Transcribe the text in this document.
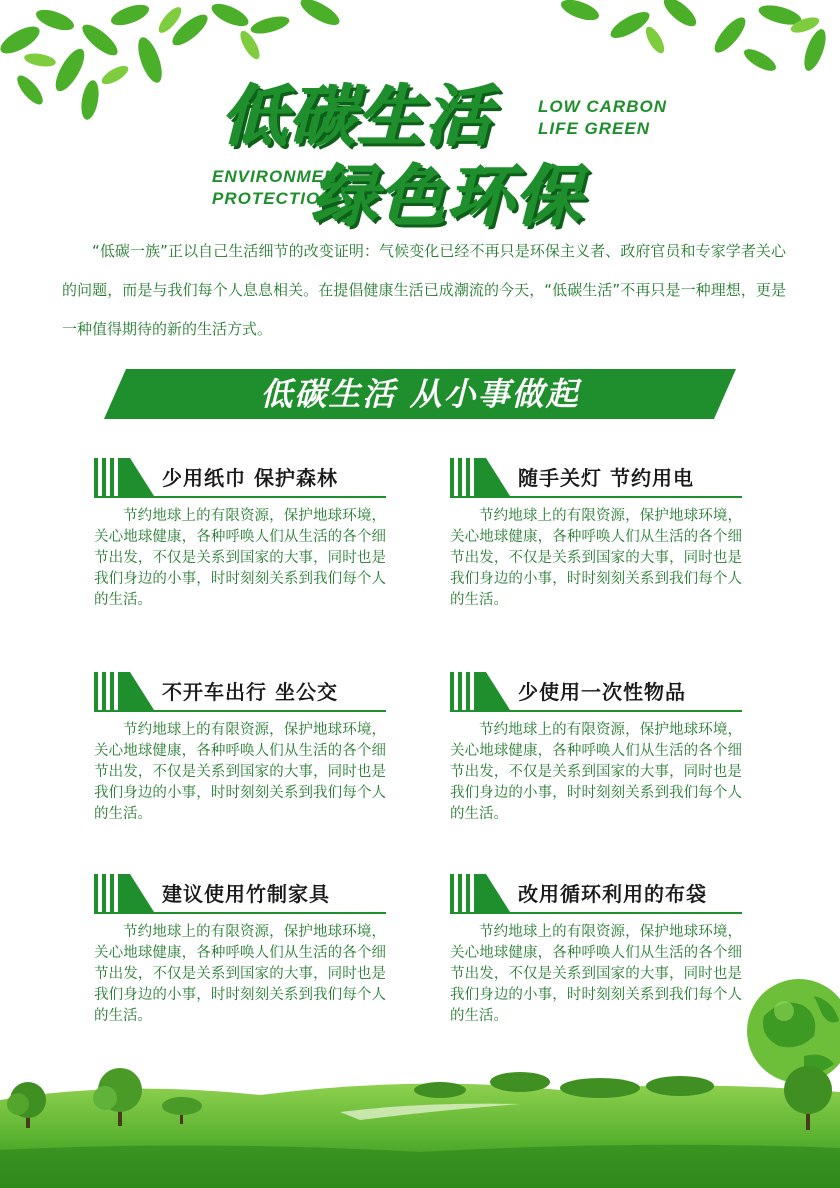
低碳生活
绿色环保
LOW CARBON
LIFE GREEN
ENVIRONMENT
PROTECTION

“低碳一族”正以自己生活细节的改变证明：气候变化已经不再只是环保主义者、政府官员和专家学者关心的问题，而是与我们每个人息息相关。在提倡健康生活已成潮流的今天，“低碳生活”不再只是一种理想，更是一种值得期待的新的生活方式。

低碳生活 从小事做起
少用纸巾 保护森林

节约地球上的有限资源，保护地球环境，关心地球健康，各种呼唤人们从生活的各个细节出发，不仅是关系到国家的大事，同时也是我们身边的小事，时时刻刻关系到我们每个人的生活。

随手关灯 节约用电

节约地球上的有限资源，保护地球环境，关心地球健康，各种呼唤人们从生活的各个细节出发，不仅是关系到国家的大事，同时也是我们身边的小事，时时刻刻关系到我们每个人的生活。

不开车出行 坐公交

节约地球上的有限资源，保护地球环境，关心地球健康，各种呼唤人们从生活的各个细节出发，不仅是关系到国家的大事，同时也是我们身边的小事，时时刻刻关系到我们每个人的生活。

少使用一次性物品

节约地球上的有限资源，保护地球环境，关心地球健康，各种呼唤人们从生活的各个细节出发，不仅是关系到国家的大事，同时也是我们身边的小事，时时刻刻关系到我们每个人的生活。

建议使用竹制家具

节约地球上的有限资源，保护地球环境，关心地球健康，各种呼唤人们从生活的各个细节出发，不仅是关系到国家的大事，同时也是我们身边的小事，时时刻刻关系到我们每个人的生活。

改用循环利用的布袋

节约地球上的有限资源，保护地球环境，关心地球健康，各种呼唤人们从生活的各个细节出发，不仅是关系到国家的大事，同时也是我们身边的小事，时时刻刻关系到我们每个人的生活。
